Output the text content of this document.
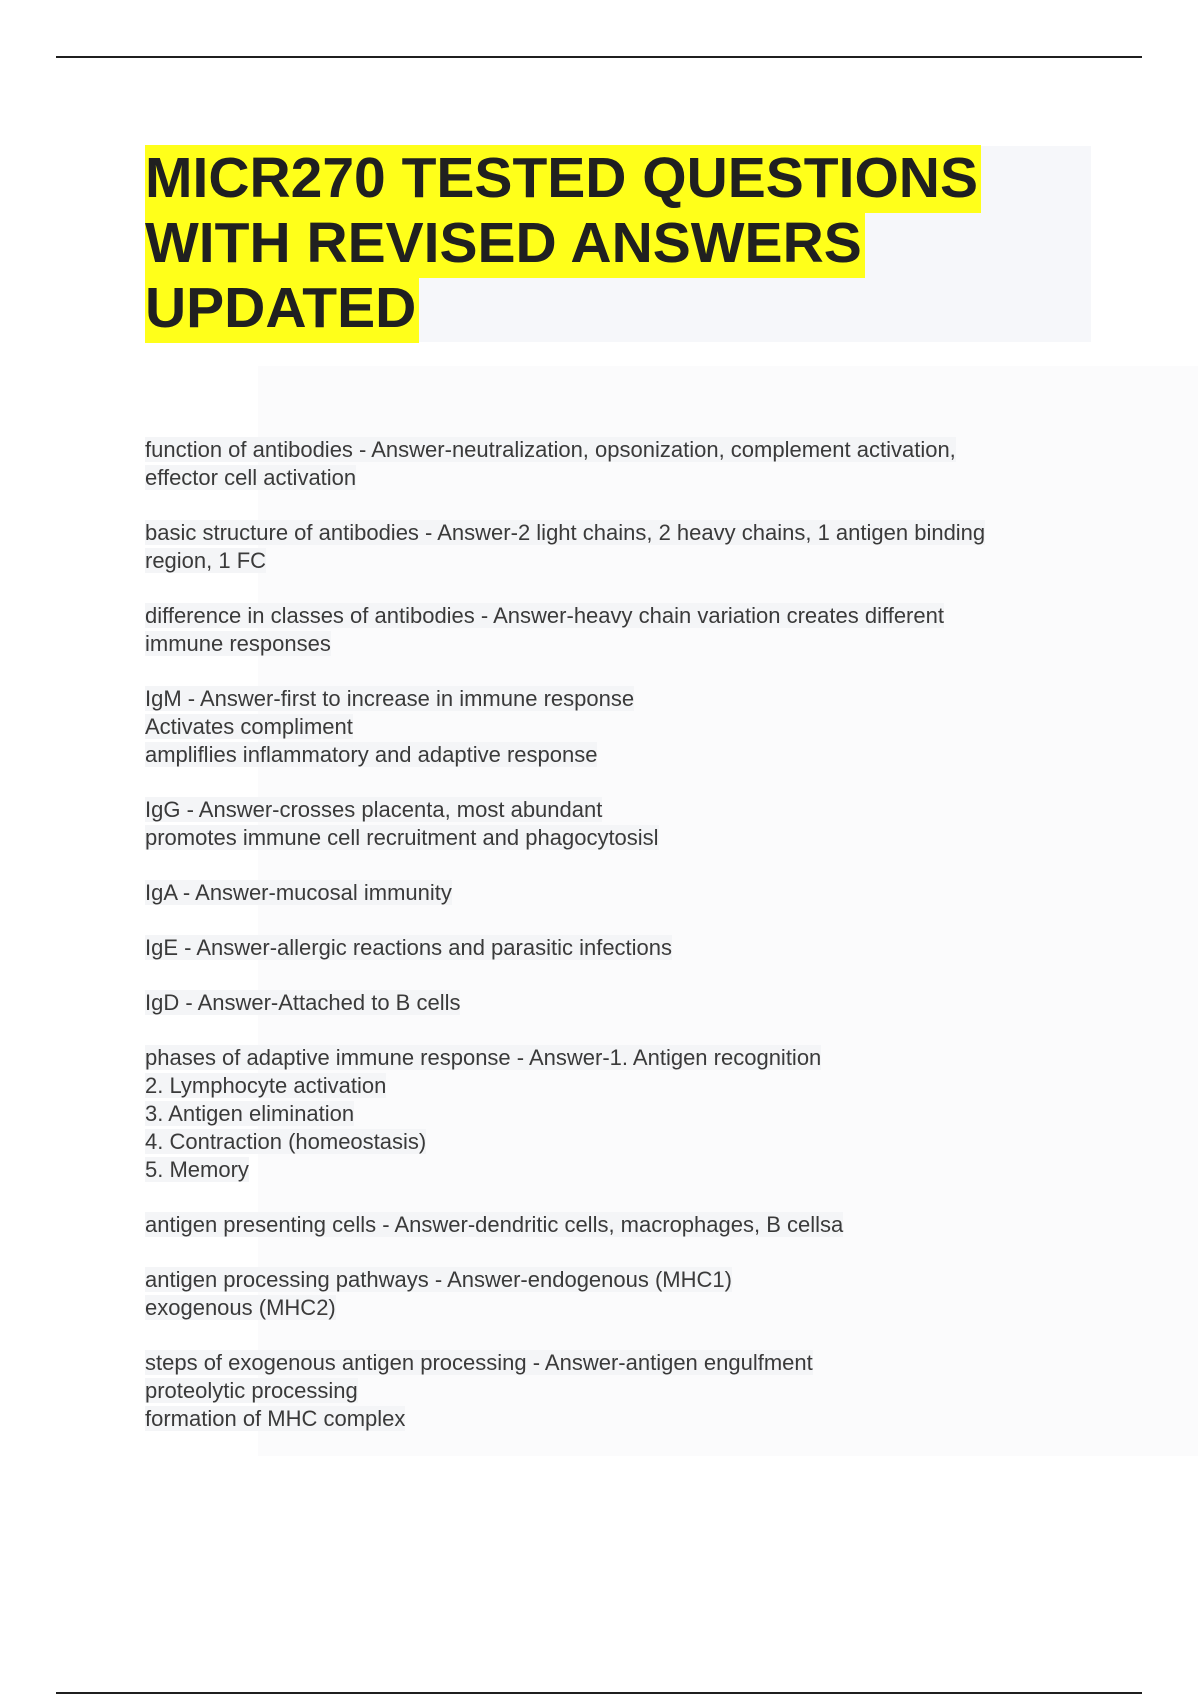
MICR270 TESTED QUESTIONS WITH REVISED ANSWERS UPDATED
function of antibodies - Answer-neutralization, opsonization, complement activation,
effector cell activation
basic structure of antibodies - Answer-2 light chains, 2 heavy chains, 1 antigen binding
region, 1 FC
difference in classes of antibodies - Answer-heavy chain variation creates different
immune responses
IgM - Answer-first to increase in immune response
Activates compliment
ampliflies inflammatory and adaptive response
IgG - Answer-crosses placenta, most abundant
promotes immune cell recruitment and phagocytosisl
IgA - Answer-mucosal immunity
IgE - Answer-allergic reactions and parasitic infections
IgD - Answer-Attached to B cells
phases of adaptive immune response - Answer-1. Antigen recognition
2. Lymphocyte activation
3. Antigen elimination
4. Contraction (homeostasis)
5. Memory
antigen presenting cells - Answer-dendritic cells, macrophages, B cellsa
antigen processing pathways - Answer-endogenous (MHC1)
exogenous (MHC2)
steps of exogenous antigen processing - Answer-antigen engulfment
proteolytic processing
formation of MHC complex
